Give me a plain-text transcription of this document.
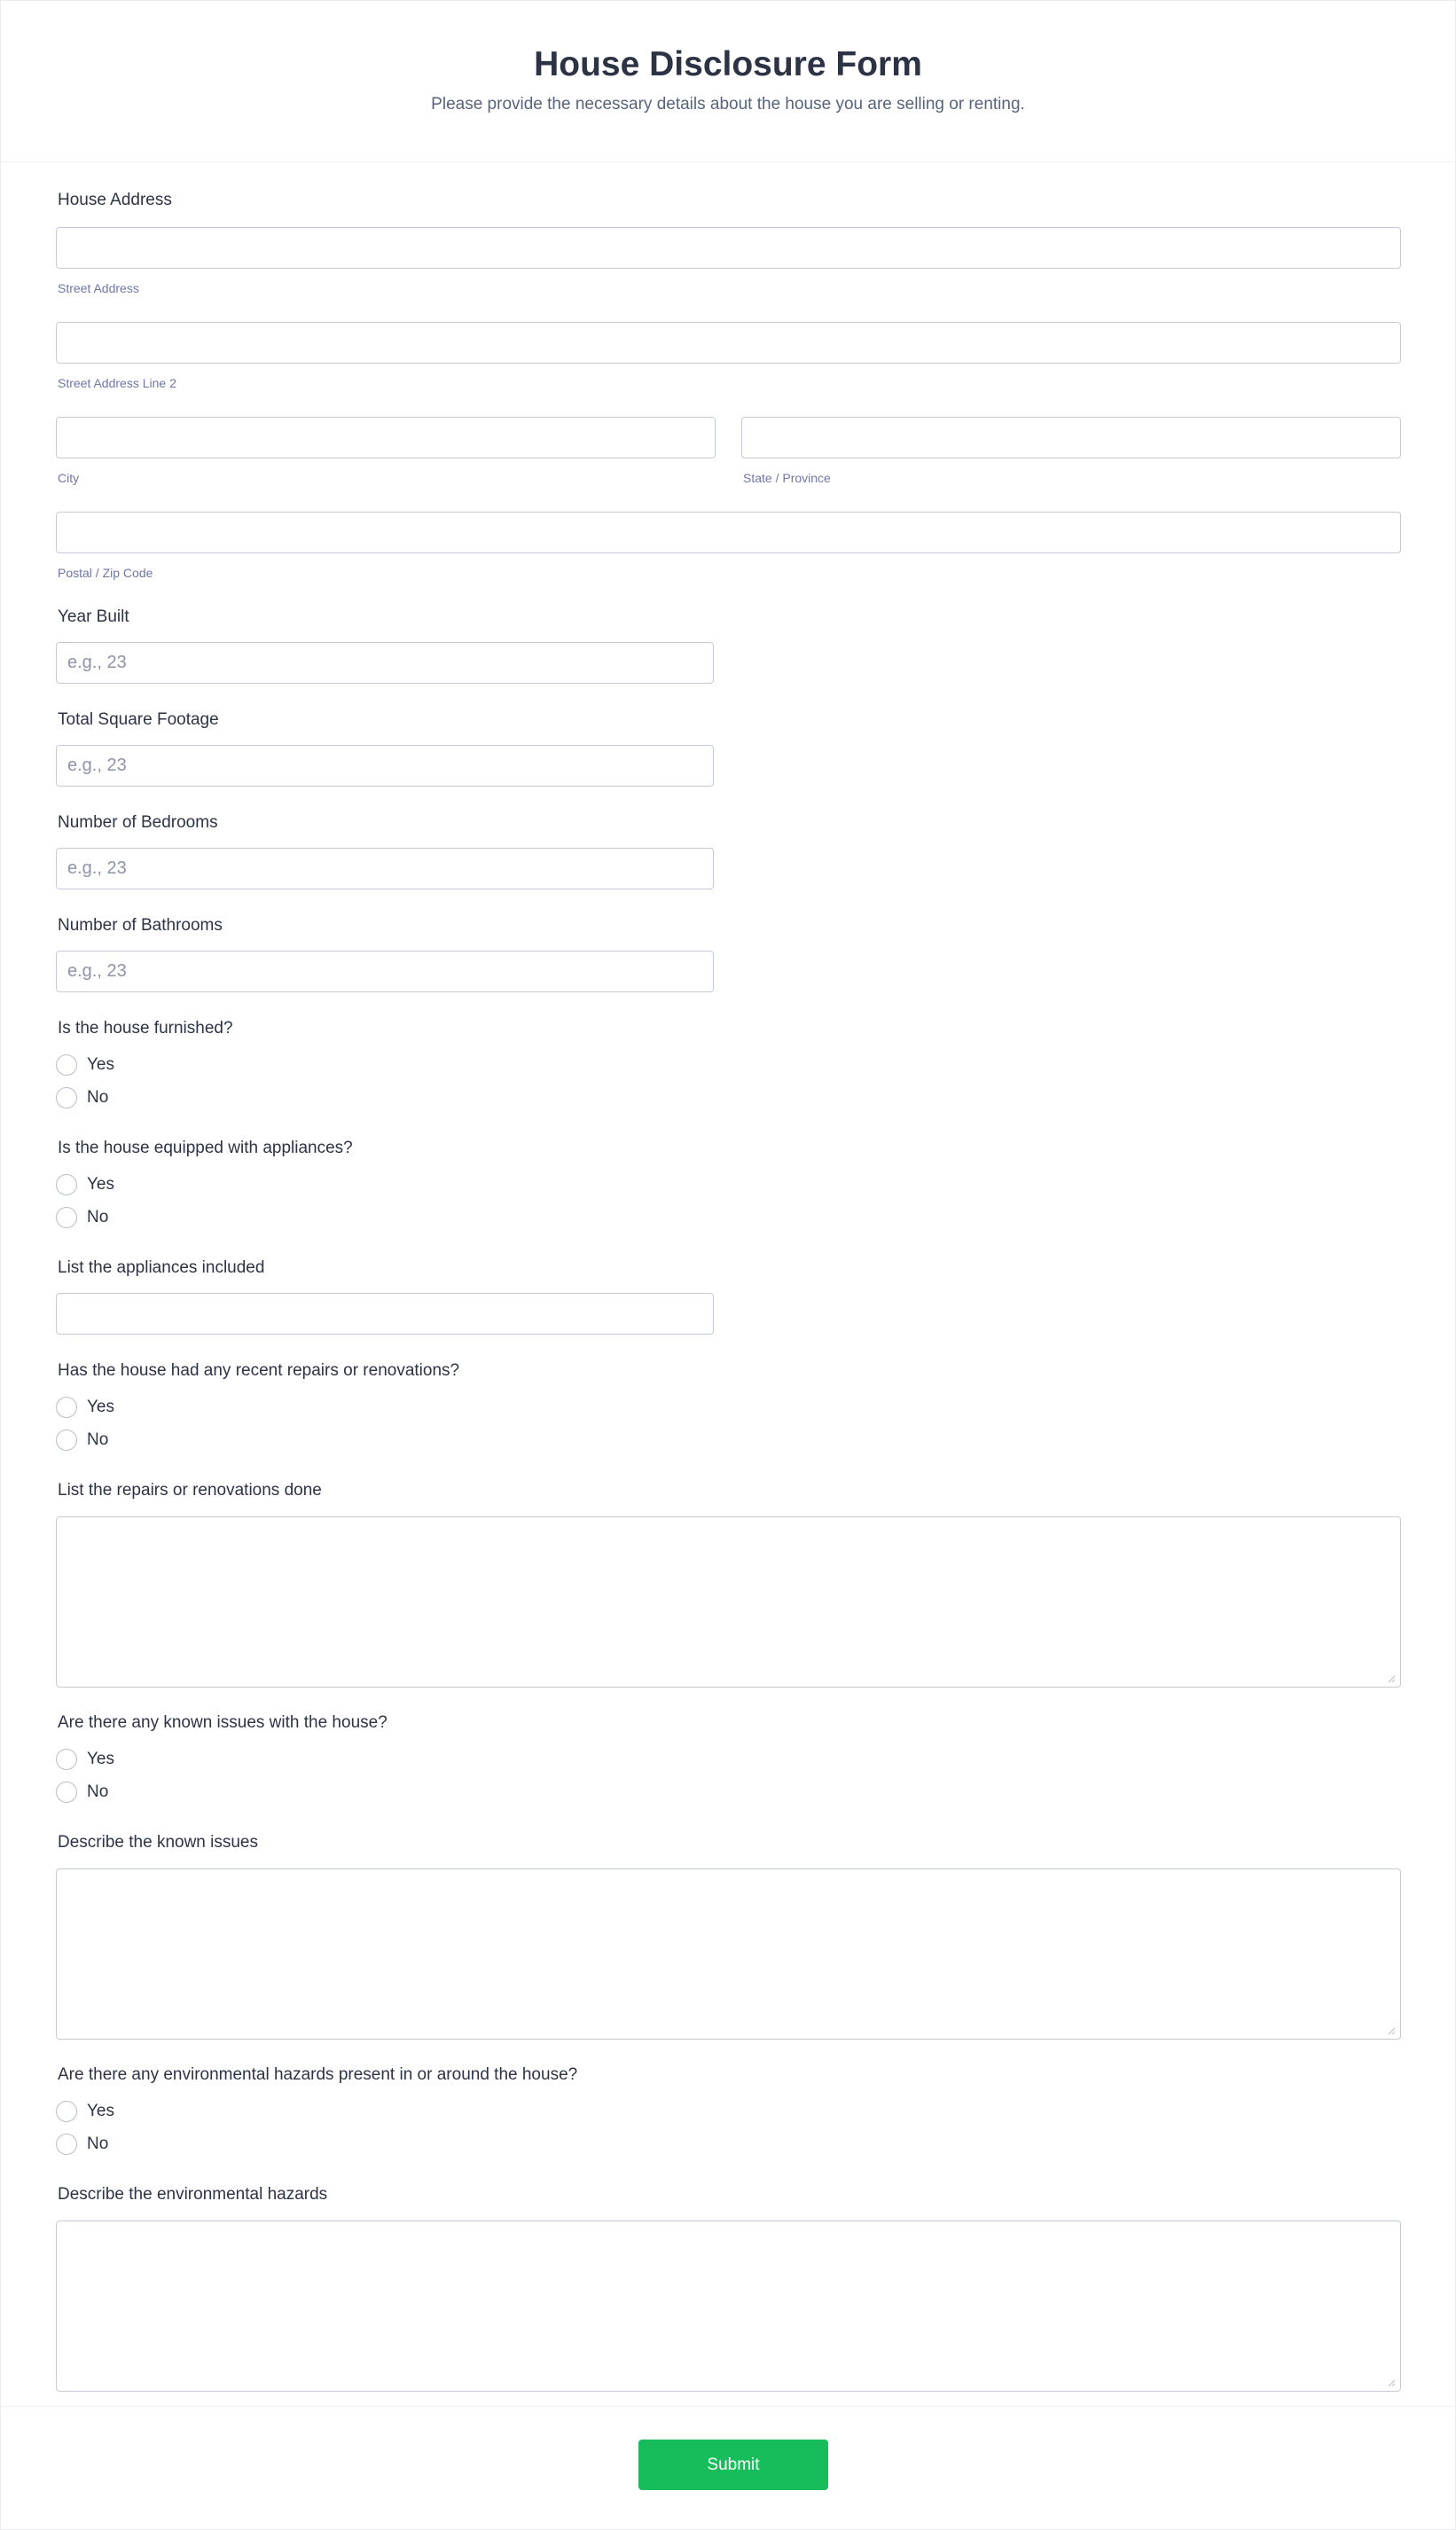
House Disclosure Form

Please provide the necessary details about the house you are selling or renting.

House Address
Street Address
Street Address Line 2
City	State / Province
Postal / Zip Code
Year Built
e.g., 23
Total Square Footage
e.g., 23
Number of Bedrooms
e.g., 23
Number of Bathrooms
e.g., 23
Is the house furnished?
Yes
No
Is the house equipped with appliances?
Yes
No
List the appliances included
Has the house had any recent repairs or renovations?
Yes
No
List the repairs or renovations done
Are there any known issues with the house?
Yes
No
Describe the known issues
Are there any environmental hazards present in or around the house?
Yes
No
Describe the environmental hazards
Submit
